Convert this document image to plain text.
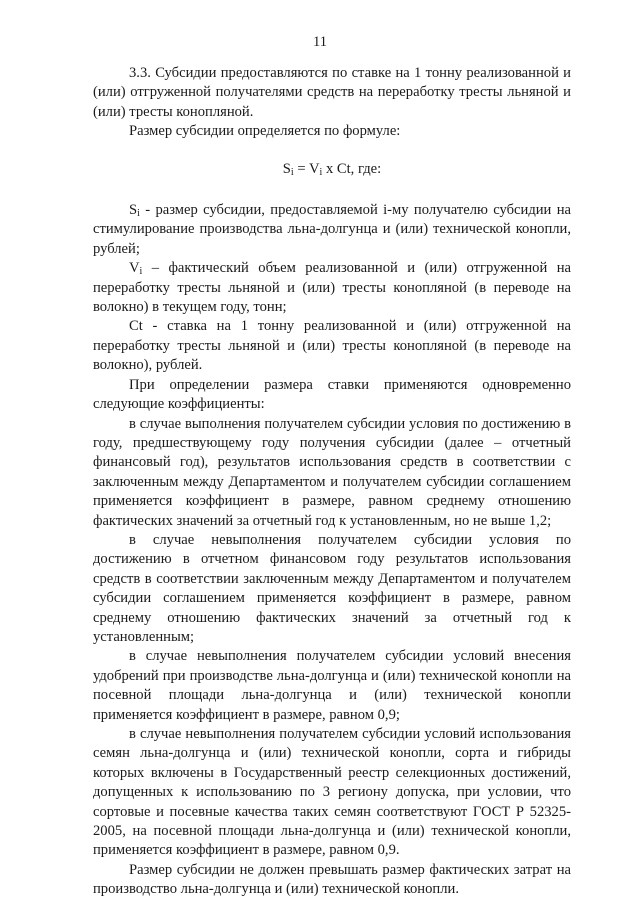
11

3.3. Субсидии предоставляются по ставке на 1 тонну реализованной и (или) отгруженной получателями средств на переработку тресты льняной и (или) тресты конопляной.

Размер субсидии определяется по формуле:

$S_i = V_i$ x Ct, где:

$S_i$ - размер субсидии, предоставляемой i-му получателю субсидии на стимулирование производства льна-долгунца и (или) технической конопли, рублей;

$V_i$ – фактический объем реализованной и (или) отгруженной на переработку тресты льняной и (или) тресты конопляной (в переводе на волокно) в текущем году, тонн;

Ct - ставка на 1 тонну реализованной и (или) отгруженной на переработку тресты льняной и (или) тресты конопляной (в переводе на волокно), рублей.

При определении размера ставки применяются одновременно следующие коэффициенты:

в случае выполнения получателем субсидии условия по достижению в году, предшествующему году получения субсидии (далее – отчетный финансовый год), результатов использования средств в соответствии с заключенным между Департаментом и получателем субсидии соглашением применяется коэффициент в размере, равном среднему отношению фактических значений за отчетный год к установленным, но не выше 1,2;

в случае невыполнения получателем субсидии условия по достижению в отчетном финансовом году результатов использования средств в соответствии заключенным между Департаментом и получателем субсидии соглашением применяется коэффициент в размере, равном среднему отношению фактических значений за отчетный год к установленным;

в случае невыполнения получателем субсидии условий внесения удобрений при производстве льна-долгунца и (или) технической конопли на посевной площади льна-долгунца и (или) технической конопли применяется коэффициент в размере, равном 0,9;

в случае невыполнения получателем субсидии условий использования семян льна-долгунца и (или) технической конопли, сорта и гибриды которых включены в Государственный реестр селекционных достижений, допущенных к использованию по 3 региону допуска, при условии, что сортовые и посевные качества таких семян соответствуют ГОСТ Р 52325-2005, на посевной площади льна-долгунца и (или) технической конопли, применяется коэффициент в размере, равном 0,9.

Размер субсидии не должен превышать размер фактических затрат на производство льна-долгунца и (или) технической конопли.
